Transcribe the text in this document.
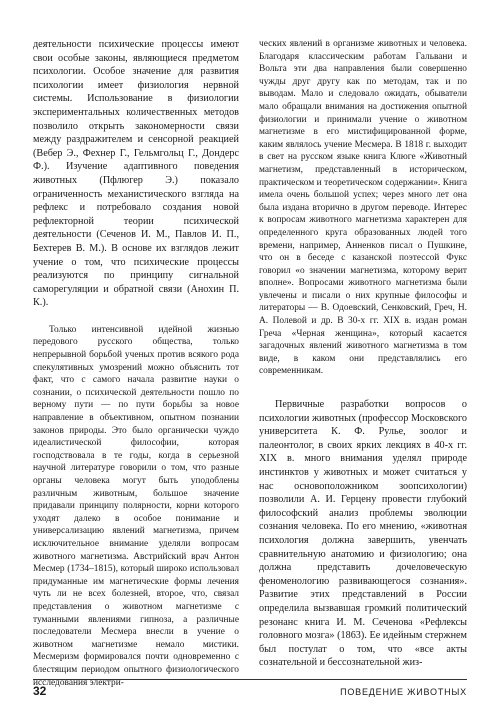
деятельности психические процессы имеют свои особые законы, являющиеся предметом психологии. Особое значение для развития психологии имеет физиология нервной системы. Использование в физиологии экспериментальных количественных методов позволило открыть закономерности связи между раздражителем и сенсорной реакцией (Вебер Э., Фехнер Г., Гельмгольц Г., Дондерс Ф.). Изучение адаптивного поведения животных (Пфлюгер Э.) показало ограниченность механистического взгляда на рефлекс и потребовало создания новой рефлекторной теории психической деятельности (Сеченов И. М., Павлов И. П., Бехтерев В. М.). В основе их взглядов лежит учение о том, что психические процессы реализуются по принципу сигнальной саморегуляции и обратной связи (Анохин П. К.).

Только интенсивной идейной жизнью передового русского общества, только непрерывной борьбой ученых против всякого рода спекулятивных умозрений можно объяснить тот факт, что с самого начала развитие науки о сознании, о психической деятельности пошло по верному пути — по пути борьбы за новое направление в объективном, опытном познании законов природы. Это было органически чуждо идеалистической философии, которая господствовала в те годы, когда в серьезной научной литературе говорили о том, что разные органы человека могут быть уподоблены различным животным, большое значение придавали принципу полярности, корни которого уходят далеко в особое понимание и универсализацию явлений магнетизма, причем исключительное внимание уделяли вопросам животного магнетизма. Австрийский врач Антон Месмер (1734–1815), который широко использовал придуманные им магнетические формы лечения чуть ли не всех болезней, второе, что, связал представления о животном магнетизме с туманными явлениями гипноза, а различные последователи Месмера внесли в учение о животном магнетизме немало мистики. Месмеризм формировался почти одновременно с блестящим периодом опытного физиологического исследования электри-

ческих явлений в организме животных и человека. Благодаря классическим работам Гальвани и Вольта эти два направления были совершенно чужды друг другу как по методам, так и по выводам. Мало и следовало ожидать, обыватели мало обращали внимания на достижения опытной физиологии и принимали учение о животном магнетизме в его мистифицированной форме, каким являлось учение Месмера. В 1818 г. выходит в свет на русском языке книга Клюге «Животный магнетизм, представленный в историческом, практическом и теоретическом содержании». Книга имела очень большой успех; через много лет она была издана вторично в другом переводе. Интерес к вопросам животного магнетизма характерен для определенного круга образованных людей того времени, например, Анненков писал о Пушкине, что он в беседе с казанской поэтессой Фукс говорил «о значении магнетизма, которому верит вполне». Вопросами животного магнетизма были увлечены и писали о них крупные философы и литераторы — В. Одоевский, Сенковский, Греч, Н. А. Полевой и др. В 30-х гг. XIX в. издан роман Греча «Черная женщина», который касается загадочных явлений животного магнетизма в том виде, в каком они представлялись его современникам.

Первичные разработки вопросов о психологии животных (профессор Московского университета К. Ф. Рулье, зоолог и палеонтолог, в своих ярких лекциях в 40-х гг. XIX в. много внимания уделял природе инстинктов у животных и может считаться у нас основоположником зоопсихологии) позволили А. И. Герцену провести глубокий философский анализ проблемы эволюции сознания человека. По его мнению, «животная психология должна завершить, увенчать сравнительную анатомию и физиологию; она должна представить дочеловеческую феноменологию развивающегося сознания». Развитие этих представлений в России определила вызвавшая громкий политический резонанс книга И. М. Сеченова «Рефлексы головного мозга» (1863). Ее идейным стержнем был постулат о том, что «все акты сознательной и бессознательной жиз-

32	ПОВЕДЕНИЕ ЖИВОТНЫХ
